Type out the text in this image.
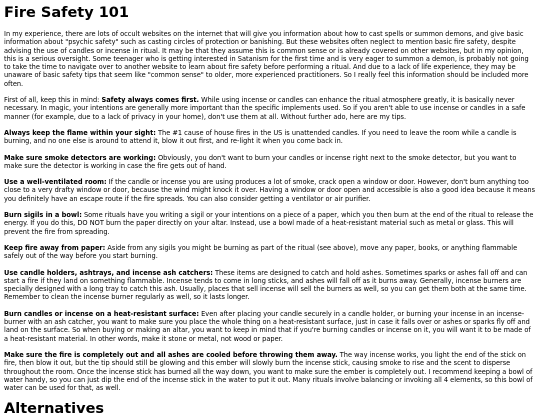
Fire Safety 101

In my experience, there are lots of occult websites on the internet that will give you information about how to cast spells or summon demons, and give basic information about "psychic safety" such as casting circles of protection or banishing. But these websites often neglect to mention basic fire safety, despite advising the use of candles or incense in ritual. It may be that they assume this is common sense or is already covered on other websites, but in my opinion, this is a serious oversight. Some teenager who is getting interested in Satanism for the first time and is very eager to summon a demon, is probably not going to take the time to navigate over to another website to learn about fire safety before performing a ritual. And due to a lack of life experience, they may be unaware of basic safety tips that seem like "common sense" to older, more experienced practitioners. So I really feel this information should be included more often.

First of all, keep this in mind: Safety always comes first. While using incense or candles can enhance the ritual atmosphere greatly, it is basically never necessary. In magic, your intentions are generally more important than the specific implements used. So if you aren't able to use incense or candles in a safe manner (for example, due to a lack of privacy in your home), don't use them at all. Without further ado, here are my tips.

Always keep the flame within your sight: The #1 cause of house fires in the US is unattended candles. If you need to leave the room while a candle is burning, and no one else is around to attend it, blow it out first, and re-light it when you come back in.

Make sure smoke detectors are working: Obviously, you don't want to burn your candles or incense right next to the smoke detector, but you want to make sure the detector is working in case the fire gets out of hand.

Use a well-ventilated room: If the candle or incense you are using produces a lot of smoke, crack open a window or door. However, don't burn anything too close to a very drafty window or door, because the wind might knock it over. Having a window or door open and accessible is also a good idea because it means you definitely have an escape route if the fire spreads. You can also consider getting a ventilator or air purifier.

Burn sigils in a bowl: Some rituals have you writing a sigil or your intentions on a piece of a paper, which you then burn at the end of the ritual to release the energy. If you do this, DO NOT burn the paper directly on your altar. Instead, use a bowl made of a heat-resistant material such as metal or glass. This will prevent the fire from spreading.

Keep fire away from paper: Aside from any sigils you might be burning as part of the ritual (see above), move any paper, books, or anything flammable safely out of the way before you start burning.

Use candle holders, ashtrays, and incense ash catchers: These items are designed to catch and hold ashes. Sometimes sparks or ashes fall off and can start a fire if they land on something flammable. Incense tends to come in long sticks, and ashes will fall off as it burns away. Generally, incense burners are specially designed with a long tray to catch this ash. Usually, places that sell incense will sell the burners as well, so you can get them both at the same time. Remember to clean the incense burner regularly as well, so it lasts longer.

Burn candles or incense on a heat-resistant surface: Even after placing your candle securely in a candle holder, or burning your incense in an incense-burner with an ash catcher, you want to make sure you place the whole thing on a heat-resistant surface, just in case it falls over or ashes or sparks fly off and land on the surface. So when buying or making an altar, you want to keep in mind that if you're burning candles or incense on it, you will want it to be made of a heat-resistant material. In other words, make it stone or metal, not wood or paper.

Make sure the fire is completely out and all ashes are cooled before throwing them away. The way incense works, you light the end of the stick on fire, then blow it out, but the tip should still be glowing and this ember will slowly burn the incense stick, causing smoke to rise and the scent to disperse throughout the room. Once the incense stick has burned all the way down, you want to make sure the ember is completely out. I recommend keeping a bowl of water handy, so you can just dip the end of the incense stick in the water to put it out. Many rituals involve balancing or invoking all 4 elements, so this bowl of water can be used for that, as well.

Alternatives
